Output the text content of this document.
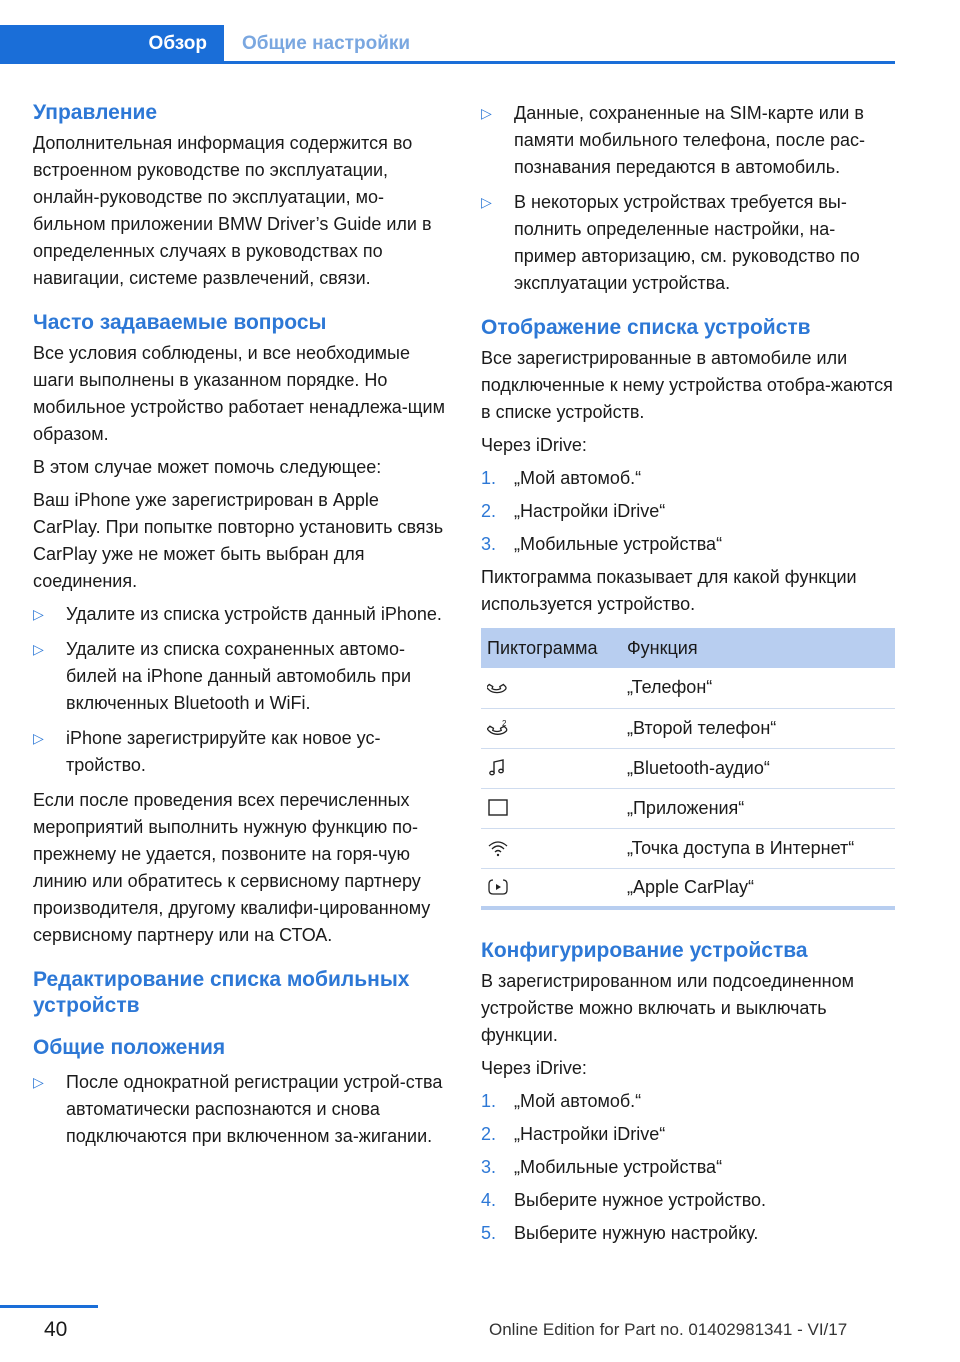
Обзор	Общие настройки
Управление

Дополнительная информация содержится во встроенном руководстве по эксплуатации, онлайн-руководстве по эксплуатации, мо-бильном приложении BMW Driver’s Guide или в определенных случаях в руководствах по навигации, системе развлечений, связи.

Часто задаваемые вопросы

Все условия соблюдены, и все необходимые шаги выполнены в указанном порядке. Но мобильное устройство работает ненадлежа-щим образом.

В этом случае может помочь следующее:

Ваш iPhone уже зарегистрирован в Apple CarPlay. При попытке повторно установить связь CarPlay уже не может быть выбран для соединения.

▷ Удалите из списка устройств данный iPhone.
▷ Удалите из списка сохраненных автомо-билей на iPhone данный автомобиль при включенных Bluetooth и WiFi.
▷ iPhone зарегистрируйте как новое ус-тройство.

Если после проведения всех перечисленных мероприятий выполнить нужную функцию по-прежнему не удается, позвоните на горя-чую линию или обратитесь к сервисному партнеру производителя, другому квалифи-цированному сервисному партнеру или на СТОА.

Редактирование списка мобильных устройств
Общие положения
▷ После однократной регистрации устрой-ства автоматически распознаются и снова подключаются при включенном за-жигании.
▷ Данные, сохраненные на SIM-карте или в памяти мобильного телефона, после рас-познавания передаются в автомобиль.
▷ В некоторых устройствах требуется вы-полнить определенные настройки, на-пример авторизацию, см. руководство по эксплуатации устройства.
Отображение списка устройств

Все зарегистрированные в автомобиле или подключенные к нему устройства отобра-жаются в списке устройств.

Через iDrive:

1. „Мой автомоб.“
2. „Настройки iDrive“
3. „Мобильные устройства“

Пиктограмма показывает для какой функции используется устройство.

Пиктограмма	Функция

	„Телефон“

2	„Второй телефон“

	„Bluetooth-аудио“

	„Приложения“

	„Точка доступа в Интернет“

	„Apple CarPlay“
Конфигурирование устройства

В зарегистрированном или подсоединенном устройстве можно включать и выключать функции.

Через iDrive:

1. „Мой автомоб.“
2. „Настройки iDrive“
3. „Мобильные устройства“
4. Выберите нужное устройство.
5. Выберите нужную настройку.
40	Online Edition for Part no. 01402981341 - VI/17
